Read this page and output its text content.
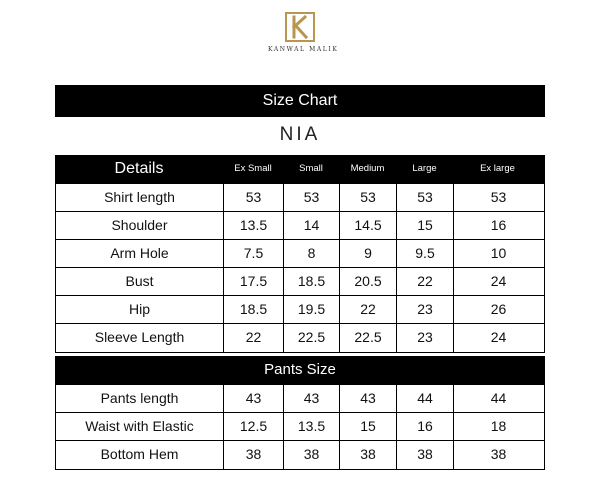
KANWAL MALIK
Size Chart
NIA
Details	Ex Small	Small	Medium	Large	Ex large
Shirt length	53	53	53	53	53
Shoulder	13.5	14	14.5	15	16
Arm Hole	7.5	8	9	9.5	10
Bust	17.5	18.5	20.5	22	24
Hip	18.5	19.5	22	23	26
Sleeve Length	22	22.5	22.5	23	24
Pants Size
Pants length	43	43	43	44	44
Waist with Elastic	12.5	13.5	15	16	18
Bottom Hem	38	38	38	38	38
